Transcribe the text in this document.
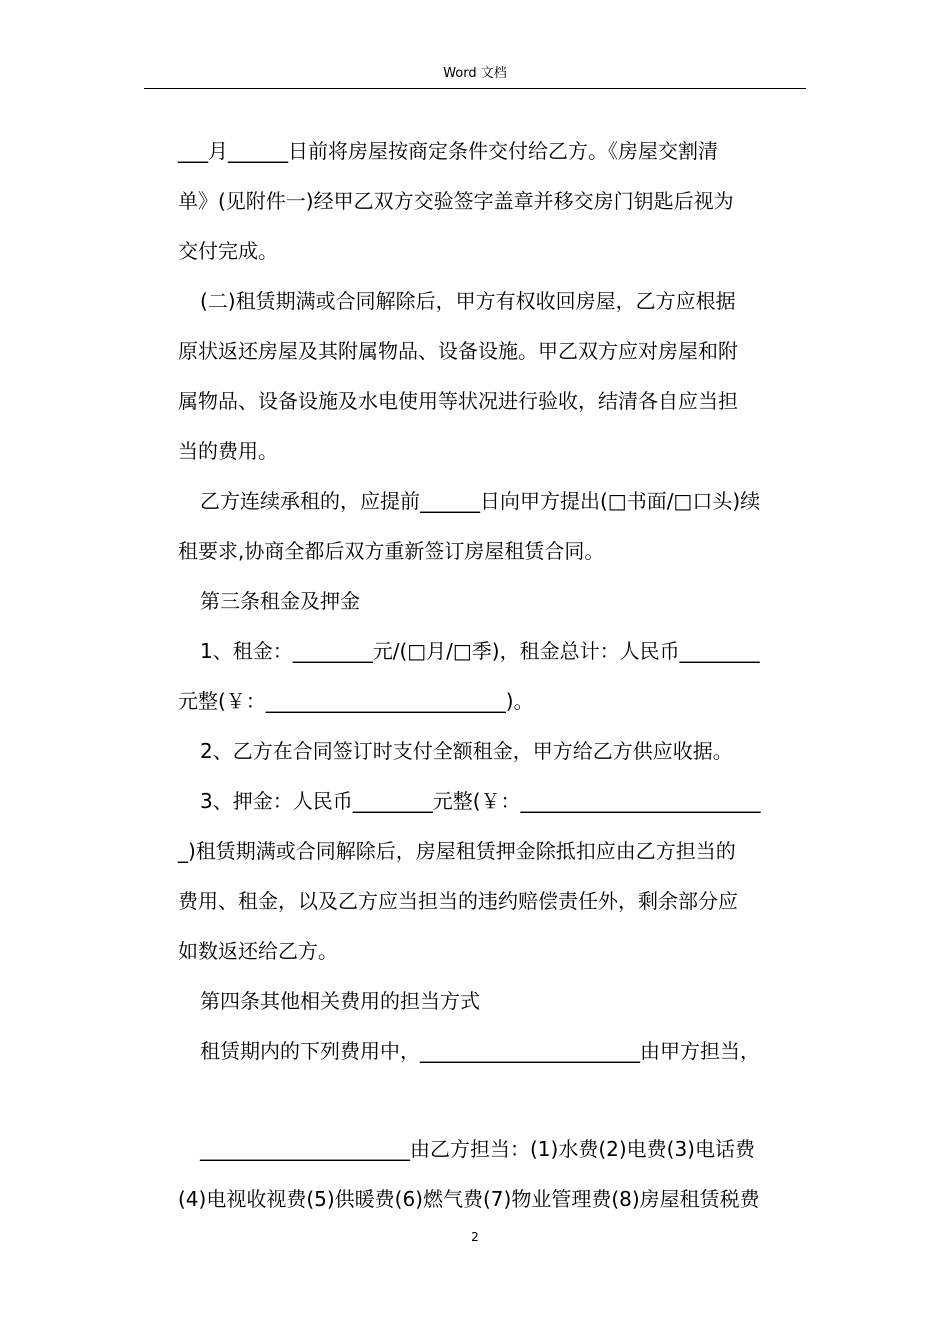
Word 文档
___月______日前将房屋按商定条件交付给乙方。《房屋交割清
单》(见附件一)经甲乙双方交验签字盖章并移交房门钥匙后视为
交付完成。
(二)租赁期满或合同解除后，甲方有权收回房屋，乙方应根据
原状返还房屋及其附属物品、设备设施。甲乙双方应对房屋和附
属物品、设备设施及水电使用等状况进行验收，结清各自应当担
当的费用。
乙方连续承租的，应提前______日向甲方提出(□书面/□口头)续
租要求,协商全都后双方重新签订房屋租赁合同。
第三条租金及押金
1、租金：________元/(□月/□季)，租金总计：人民币________
元整(￥：________________________)。
2、乙方在合同签订时支付全额租金，甲方给乙方供应收据。
3、押金：人民币________元整(￥：________________________
_)租赁期满或合同解除后，房屋租赁押金除抵扣应由乙方担当的
费用、租金，以及乙方应当担当的违约赔偿责任外，剩余部分应
如数返还给乙方。
第四条其他相关费用的担当方式
租赁期内的下列费用中，______________________由甲方担当，
_____________________由乙方担当：(1)水费(2)电费(3)电话费
(4)电视收视费(5)供暖费(6)燃气费(7)物业管理费(8)房屋租赁税费
2
